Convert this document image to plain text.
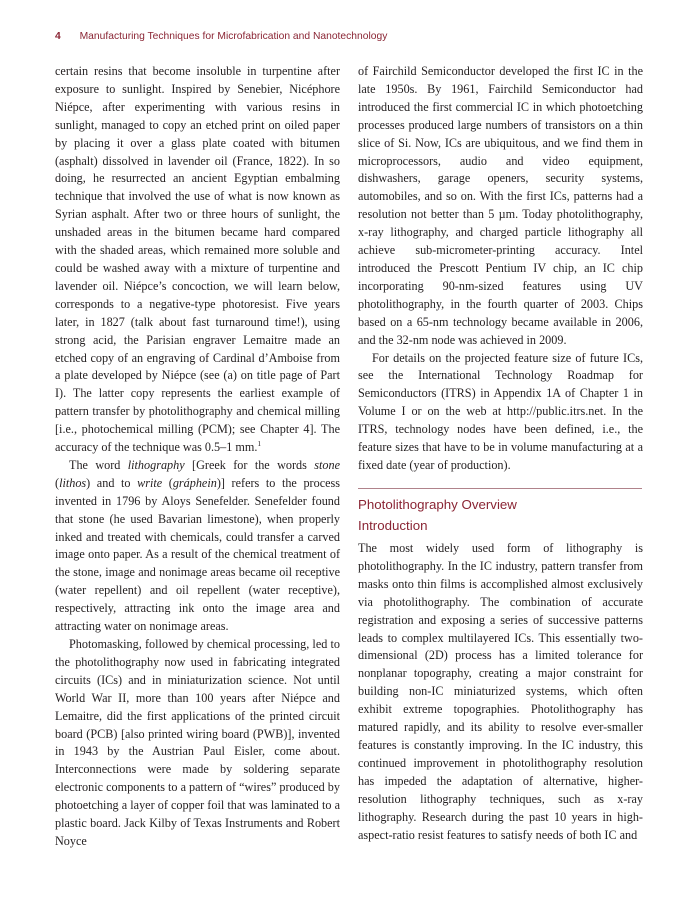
4 Manufacturing Techniques for Microfabrication and Nanotechnology

certain resins that become insoluble in turpentine after exposure to sunlight. Inspired by Senebier, Nicéphore Niépce, after experimenting with various resins in sunlight, managed to copy an etched print on oiled paper by placing it over a glass plate coated with bitumen (asphalt) dissolved in lavender oil (France, 1822). In so doing, he resurrected an ancient Egyptian embalming technique that involved the use of what is now known as Syrian asphalt. After two or three hours of sunlight, the unshaded areas in the bitumen became hard compared with the shaded areas, which remained more soluble and could be washed away with a mixture of turpentine and lavender oil. Niépce’s concoction, we will learn below, corresponds to a negative-type photoresist. Five years later, in 1827 (talk about fast turnaround time!), using strong acid, the Parisian engraver Lemaitre made an etched copy of an engraving of Cardinal d’Amboise from a plate developed by Niépce (see (a) on title page of Part I). The latter copy represents the earliest example of pattern transfer by photolithography and chemical milling [i.e., photochemical milling (PCM); see Chapter 4]. The accuracy of the technique was 0.5–1 mm.$^1$

The word lithography [Greek for the words stone (lithos) and to write (gráphein)] refers to the process invented in 1796 by Aloys Senefelder. Senefelder found that stone (he used Bavarian limestone), when properly inked and treated with chemicals, could transfer a carved image onto paper. As a result of the chemical treatment of the stone, image and nonimage areas became oil receptive (water repellent) and oil repellent (water receptive), respectively, attracting ink onto the image area and attracting water on nonimage areas.

Photomasking, followed by chemical processing, led to the photolithography now used in fabricating integrated circuits (ICs) and in miniaturization science. Not until World War II, more than 100 years after Niépce and Lemaitre, did the first applications of the printed circuit board (PCB) [also printed wiring board (PWB)], invented in 1943 by the Austrian Paul Eisler, come about. Interconnections were made by soldering separate electronic components to a pattern of “wires” produced by photoetching a layer of copper foil that was laminated to a plastic board. Jack Kilby of Texas Instruments and Robert Noyce

of Fairchild Semiconductor developed the first IC in the late 1950s. By 1961, Fairchild Semiconductor had introduced the first commercial IC in which photoetching processes produced large numbers of transistors on a thin slice of Si. Now, ICs are ubiquitous, and we find them in microprocessors, audio and video equipment, dishwashers, garage openers, security systems, automobiles, and so on. With the first ICs, patterns had a resolution not better than 5 µm. Today photolithography, x-ray lithography, and charged particle lithography all achieve sub-micrometer-printing accuracy. Intel introduced the Prescott Pentium IV chip, an IC chip incorporating 90-nm-sized features using UV photolithography, in the fourth quarter of 2003. Chips based on a 65-nm technology became available in 2006, and the 32-nm node was achieved in 2009.

For details on the projected feature size of future ICs, see the International Technology Roadmap for Semiconductors (ITRS) in Appendix 1A of Chapter 1 in Volume I or on the web at http://public.itrs.net. In the ITRS, technology nodes have been defined, i.e., the feature sizes that have to be in volume manufacturing at a fixed date (year of production).

Photolithography Overview
Introduction

The most widely used form of lithography is photolithography. In the IC industry, pattern transfer from masks onto thin films is accomplished almost exclusively via photolithography. The combination of accurate registration and exposing a series of successive patterns leads to complex multilayered ICs. This essentially two-dimensional (2D) process has a limited tolerance for nonplanar topography, creating a major constraint for building non-IC miniaturized systems, which often exhibit extreme topographies. Photolithography has matured rapidly, and its ability to resolve ever-smaller features is constantly improving. In the IC industry, this continued improvement in photolithography resolution has impeded the adaptation of alternative, higher-resolution lithography techniques, such as x-ray lithography. Research during the past 10 years in high-aspect-ratio resist features to satisfy needs of both IC and
